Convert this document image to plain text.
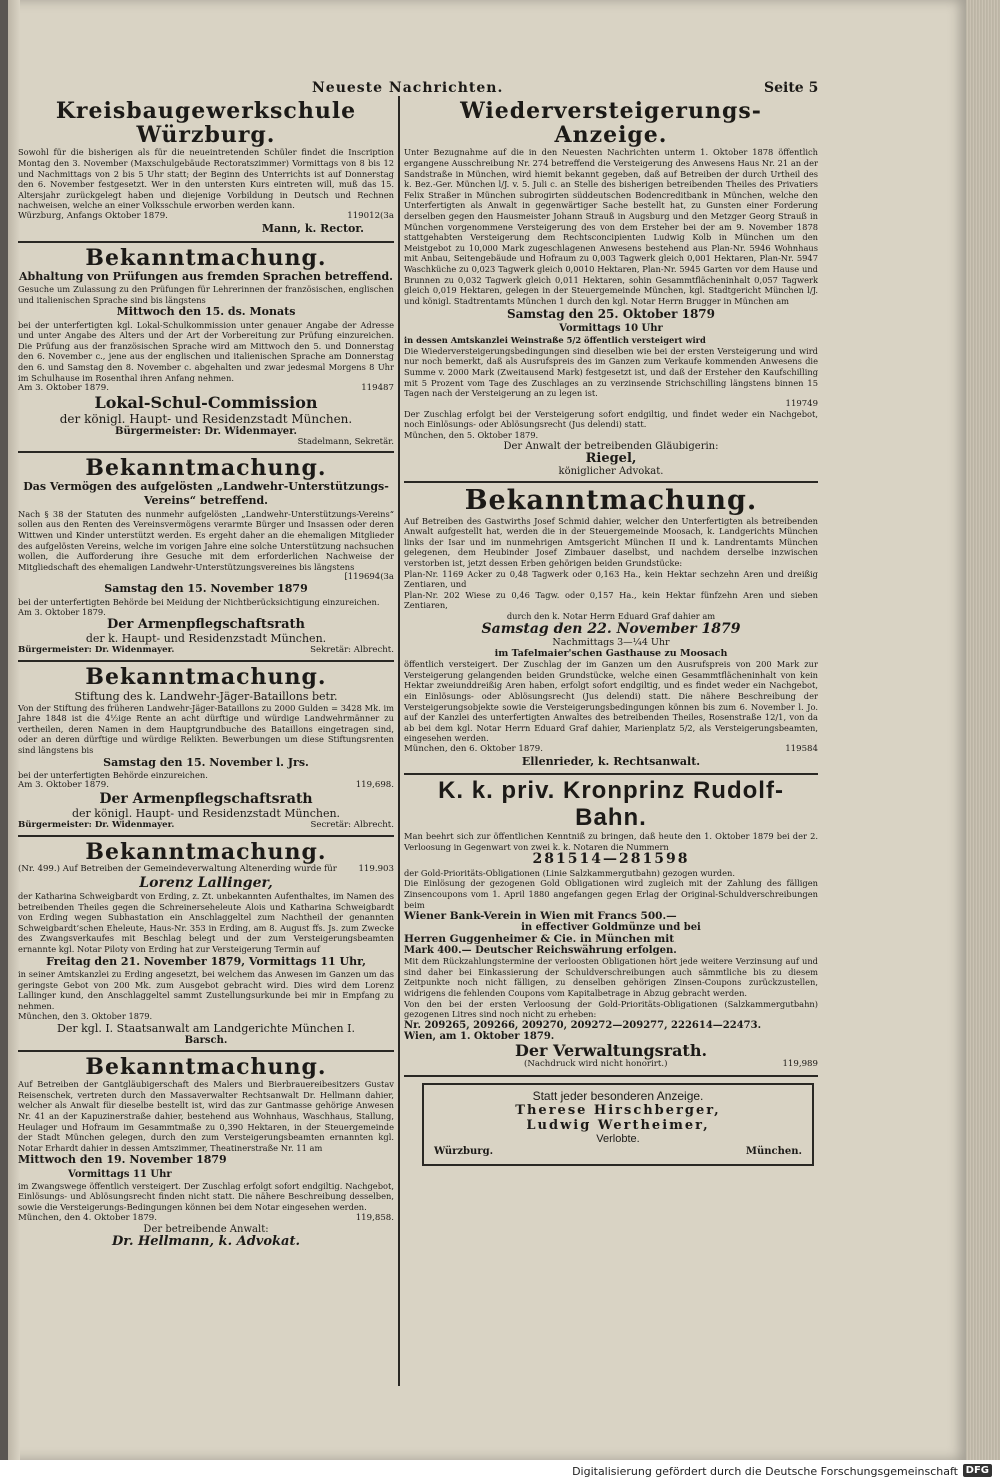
Neueste Nachrichten.	Seite 5
Kreisbaugewerkschule Würzburg.
Sowohl für die bisherigen als für die neueintretenden Schüler findet die Inscription Montag den 3. November (Maxschulgebäude Rectoratszimmer) Vormittags von 8 bis 12 und Nachmittags von 2 bis 5 Uhr statt; der Beginn des Unterrichts ist auf Donnerstag den 6. November festgesetzt. Wer in den untersten Kurs eintreten will, muß das 15. Altersjahr zurückgelegt haben und diejenige Vorbildung in Deutsch und Rechnen nachweisen, welche an einer Volksschule erworben werden kann.
Würzburg, Anfangs Oktober 1879.	119012(3a
Mann, k. Rector.
Bekanntmachung.
Abhaltung von Prüfungen aus fremden Sprachen betreffend.
Gesuche um Zulassung zu den Prüfungen für Lehrerinnen der französischen, englischen und italienischen Sprache sind bis längstens
Mittwoch den 15. ds. Monats
bei der unterfertigten kgl. Lokal-Schulkommission unter genauer Angabe der Adresse und unter Angabe des Alters und der Art der Vorbereitung zur Prüfung einzureichen. Die Prüfung aus der französischen Sprache wird am Mittwoch den 5. und Donnerstag den 6. November c., jene aus der englischen und italienischen Sprache am Donnerstag den 6. und Samstag den 8. November c. abgehalten und zwar jedesmal Morgens 8 Uhr im Schulhause im Rosenthal ihren Anfang nehmen.
Am 3. Oktober 1879.	119487
Lokal-Schul-Commission
der königl. Haupt- und Residenzstadt München.
Bürgermeister: Dr. Widenmayer.
Stadelmann, Sekretär.
Bekanntmachung.
Das Vermögen des aufgelösten „Landwehr-Unterstützungs-Vereins“ betreffend.
Nach § 38 der Statuten des nunmehr aufgelösten „Landwehr-Unterstützungs-Vereins“ sollen aus den Renten des Vereinsvermögens verarmte Bürger und Insassen oder deren Wittwen und Kinder unterstützt werden. Es ergeht daher an die ehemaligen Mitglieder des aufgelösten Vereins, welche im vorigen Jahre eine solche Unterstützung nachsuchen wollen, die Aufforderung ihre Gesuche mit dem erforderlichen Nachweise der Mitgliedschaft des ehemaligen Landwehr-Unterstützungsvereines bis längstens
[119694(3a
Samstag den 15. November 1879
bei der unterfertigten Behörde bei Meidung der Nichtberücksichtigung einzureichen.
Am 3. Oktober 1879.
Der Armenpflegschaftsrath
der k. Haupt- und Residenzstadt München.
Bürgermeister: Dr. Widenmayer.	Sekretär: Albrecht.
Bekanntmachung.
Stiftung des k. Landwehr-Jäger-Bataillons betr.
Von der Stiftung des früheren Landwehr-Jäger-Bataillons zu 2000 Gulden = 3428 Mk. im Jahre 1848 ist die 4½ige Rente an acht dürftige und würdige Landwehrmänner zu vertheilen, deren Namen in dem Hauptgrundbuche des Bataillons eingetragen sind, oder an deren dürftige und würdige Relikten. Bewerbungen um diese Stiftungsrenten sind längstens bis
Samstag den 15. November l. Jrs.
bei der unterfertigten Behörde einzureichen.
Am 3. Oktober 1879.	119,698.
Der Armenpflegschaftsrath
der königl. Haupt- und Residenzstadt München.
Bürgermeister: Dr. Widenmayer.	Secretär: Albrecht.
Bekanntmachung.
(Nr. 499.) Auf Betreiben der Gemeindeverwaltung Altenerding wurde für	119.903
Lorenz Lallinger,
der Katharina Schweigbardt von Erding, z. Zt. unbekannten Aufenthaltes, im Namen des betreibenden Theiles gegen die Schreinerseheleute Alois und Katharina Schweigbardt von Erding wegen Subhastation ein Anschlaggeltel zum Nachtheil der genannten Schweigbardt’schen Eheleute, Haus-Nr. 353 in Erding, am 8. August ffs. Js. zum Zwecke des Zwangsverkaufes mit Beschlag belegt und der zum Versteigerungsbeamten ernannte kgl. Notar Piloty von Erding hat zur Versteigerung Termin auf
Freitag den 21. November 1879, Vormittags 11 Uhr,
in seiner Amtskanzlei zu Erding angesetzt, bei welchem das Anwesen im Ganzen um das geringste Gebot von 200 Mk. zum Ausgebot gebracht wird. Dies wird dem Lorenz Lallinger kund, den Anschlaggeltel sammt Zustellungsurkunde bei mir in Empfang zu nehmen.
München, den 3. Oktober 1879.
Der kgl. I. Staatsanwalt am Landgerichte München I.
Barsch.
Bekanntmachung.
Auf Betreiben der Gantgläubigerschaft des Malers und Bierbrauereibesitzers Gustav Reisenschek, vertreten durch den Massaverwalter Rechtsanwalt Dr. Hellmann dahier, welcher als Anwalt für dieselbe bestellt ist, wird das zur Gantmasse gehörige Anwesen Nr. 41 an der Kapuzinerstraße dahier, bestehend aus Wohnhaus, Waschhaus, Stallung, Heulager und Hofraum im Gesammtmaße zu 0,390 Hektaren, in der Steuergemeinde der Stadt München gelegen, durch den zum Versteigerungsbeamten ernannten kgl. Notar Erhardt dahier in dessen Amtszimmer, Theatinerstraße Nr. 11 am
Mittwoch den 19. November 1879
Vormittags 11 Uhr
im Zwangswege öffentlich versteigert. Der Zuschlag erfolgt sofort endgiltig. Nachgebot, Einlösungs- und Ablösungsrecht finden nicht statt. Die nähere Beschreibung desselben, sowie die Versteigerungs-Bedingungen können bei dem Notar eingesehen werden.
München, den 4. Oktober 1879.	119,858.
Der betreibende Anwalt:
Dr. Hellmann, k. Advokat.
Wiederversteigerungs-Anzeige.
Unter Bezugnahme auf die in den Neuesten Nachrichten unterm 1. Oktober 1878 öffentlich ergangene Ausschreibung Nr. 274 betreffend die Versteigerung des Anwesens Haus Nr. 21 an der Sandstraße in München, wird hiemit bekannt gegeben, daß auf Betreiben der durch Urtheil des k. Bez.-Ger. München l/J. v. 5. Juli c. an Stelle des bisherigen betreibenden Theiles des Privatiers Felix Straßer in München subrogirten süddeutschen Bodencreditbank in München, welche den Unterfertigten als Anwalt in gegenwärtiger Sache bestellt hat, zu Gunsten einer Forderung derselben gegen den Hausmeister Johann Strauß in Augsburg und den Metzger Georg Strauß in München vorgenommene Versteigerung des von dem Ersteher bei der am 9. November 1878 stattgehabten Versteigerung dem Rechtsconcipienten Ludwig Kolb in München um den Meistgebot zu 10,000 Mark zugeschlagenen Anwesens bestehend aus Plan-Nr. 5946 Wohnhaus mit Anbau, Seitengebäude und Hofraum zu 0,003 Tagwerk gleich 0,001 Hektaren, Plan-Nr. 5947 Waschküche zu 0,023 Tagwerk gleich 0,0010 Hektaren, Plan-Nr. 5945 Garten vor dem Hause und Brunnen zu 0,032 Tagwerk gleich 0,011 Hektaren, sohin Gesammtflächeninhalt 0,057 Tagwerk gleich 0,019 Hektaren, gelegen in der Steuergemeinde München, kgl. Stadtgericht München l/J. und königl. Stadtrentamts München 1 durch den kgl. Notar Herrn Brugger in München am
Samstag den 25. Oktober 1879
Vormittags 10 Uhr
in dessen Amtskanzlei Weinstraße 5/2 öffentlich versteigert wird
Die Wiederversteigerungsbedingungen sind dieselben wie bei der ersten Versteigerung und wird nur noch bemerkt, daß als Ausrufspreis des im Ganzen zum Verkaufe kommenden Anwesens die Summe v. 2000 Mark (Zweitausend Mark) festgesetzt ist, und daß der Ersteher den Kaufschilling mit 5 Prozent vom Tage des Zuschlages an zu verzinsende Strichschilling längstens binnen 15 Tagen nach der Versteigerung an zu legen ist.
119749
Der Zuschlag erfolgt bei der Versteigerung sofort endgiltig, und findet weder ein Nachgebot, noch Einlösungs- oder Ablösungsrecht (Jus delendi) statt.
München, den 5. Oktober 1879.
Der Anwalt der betreibenden Gläubigerin:
Riegel,
königlicher Advokat.
Bekanntmachung.
Auf Betreiben des Gastwirths Josef Schmid dahier, welcher den Unterfertigten als betreibenden Anwalt aufgestellt hat, werden die in der Steuergemeinde Moosach, k. Landgerichts München links der Isar und im nunmehrigen Amtsgericht München II und k. Landrentamts München gelegenen, dem Heubinder Josef Zimbauer daselbst, und nachdem derselbe inzwischen verstorben ist, jetzt dessen Erben gehörigen beiden Grundstücke:
Plan-Nr. 1169 Acker zu 0,48 Tagwerk oder 0,163 Ha., kein Hektar sechzehn Aren und dreißig Zentiaren, und
Plan-Nr. 202 Wiese zu 0,46 Tagw. oder 0,157 Ha., kein Hektar fünfzehn Aren und sieben Zentiaren,
durch den k. Notar Herrn Eduard Graf dahier am
Samstag den 22. November 1879
Nachmittags 3—¼4 Uhr
im Tafelmaier'schen Gasthause zu Moosach
öffentlich versteigert. Der Zuschlag der im Ganzen um den Ausrufspreis von 200 Mark zur Versteigerung gelangenden beiden Grundstücke, welche einen Gesammtflächeninhalt von kein Hektar zweiunddreißig Aren haben, erfolgt sofort endgiltig, und es findet weder ein Nachgebot, ein Einlösungs- oder Ablösungsrecht (Jus delendi) statt. Die nähere Beschreibung der Versteigerungsobjekte sowie die Versteigerungsbedingungen können bis zum 6. November l. Jo. auf der Kanzlei des unterfertigten Anwaltes des betreibenden Theiles, Rosenstraße 12/1, von da ab bei dem kgl. Notar Herrn Eduard Graf dahier, Marienplatz 5/2, als Versteigerungsbeamten, eingesehen werden.
München, den 6. Oktober 1879.	119584
Ellenrieder, k. Rechtsanwalt.
K. k. priv. Kronprinz Rudolf-Bahn.
Man beehrt sich zur öffentlichen Kenntniß zu bringen, daß heute den 1. Oktober 1879 bei der 2. Verloosung in Gegenwart von zwei k. k. Notaren die Nummern
281514—281598
der Gold-Prioritäts-Obligationen (Linie Salzkammergutbahn) gezogen wurden.
Die Einlösung der gezogenen Gold Obligationen wird zugleich mit der Zahlung des fälligen Zinsencoupons vom 1. April 1880 angefangen gegen Erlag der Original-Schuldverschreibungen beim
Wiener Bank-Verein in Wien mit Francs 500.—
in effectiver Goldmünze und bei
Herren Guggenheimer & Cie. in München mit
Mark 400.— Deutscher Reichswährung erfolgen.
Mit dem Rückzahlungstermine der verloosten Obligationen hört jede weitere Verzinsung auf und sind daher bei Einkassierung der Schuldverschreibungen auch sämmtliche bis zu diesem Zeitpunkte noch nicht fälligen, zu denselben gehörigen Zinsen-Coupons zurückzustellen, widrigens die fehlenden Coupons vom Kapitalbetrage in Abzug gebracht werden.
Von den bei der ersten Verloosung der Gold-Prioritäts-Obligationen (Salzkammergutbahn) gezogenen Litres sind noch nicht zu erheben:
Nr. 209265, 209266, 209270, 209272—209277, 222614—22473.
Wien, am 1. Oktober 1879.
Der Verwaltungsrath.
(Nachdruck wird nicht honorirt.)	119,989
Statt jeder besonderen Anzeige.
Therese Hirschberger,
Ludwig Wertheimer,
Verlobte.
Würzburg.	München.
Digitalisierung gefördert durch die Deutsche Forschungsgemeinschaft DFG
